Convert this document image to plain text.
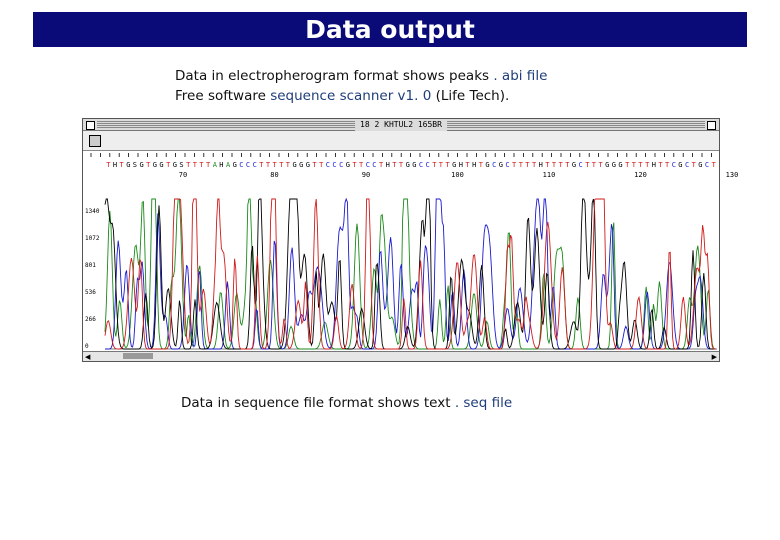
Data output
Data in electropherogram format shows peaks . abi file
Free software sequence scanner v1. 0 (Life Tech).
18 2 KHTUL2 165BR
T H T G S G T G G T G S T T T T A H A G C C C T T T T T G G G T T C C C G T T C C T H T T G G C C T T T G H T H T G C G C T T T T H T T T T G C T T T G G G T T T T H T T C G C T G C T
70	80	90	100	110	120	130
1340
1072
801
536
266
0
◀	▶
Data in sequence file format shows text . seq file
